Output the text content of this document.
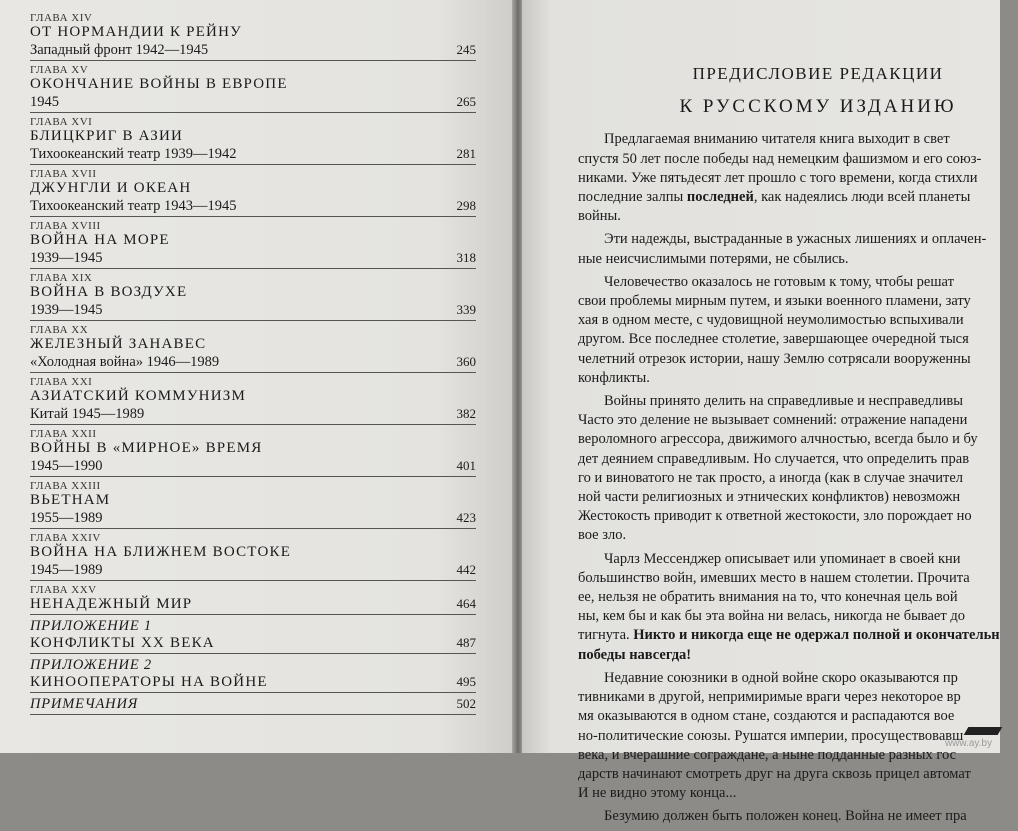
ГЛАВА XIV
ОТ НОРМАНДИИ К РЕЙНУ
Западный фронт 1942—1945	245
ГЛАВА XV
ОКОНЧАНИЕ ВОЙНЫ В ЕВРОПЕ
1945	265
ГЛАВА XVI
БЛИЦКРИГ В АЗИИ
Тихоокеанский театр 1939—1942	281
ГЛАВА XVII
ДЖУНГЛИ И ОКЕАН
Тихоокеанский театр 1943—1945	298
ГЛАВА XVIII
ВОЙНА НА МОРЕ
1939—1945	318
ГЛАВА XIX
ВОЙНА В ВОЗДУХЕ
1939—1945	339
ГЛАВА XX
ЖЕЛЕЗНЫЙ ЗАНАВЕС
«Холодная война» 1946—1989	360
ГЛАВА XXI
АЗИАТСКИЙ КОММУНИЗМ
Китай 1945—1989	382
ГЛАВА XXII
ВОЙНЫ В «МИРНОЕ» ВРЕМЯ
1945—1990	401
ГЛАВА XXIII
ВЬЕТНАМ
1955—1989	423
ГЛАВА XXIV
ВОЙНА НА БЛИЖНЕМ ВОСТОКЕ
1945—1989	442
ГЛАВА XXV
НЕНАДЕЖНЫЙ МИР	464
ПРИЛОЖЕНИЕ 1
КОНФЛИКТЫ XX ВЕКА	487
ПРИЛОЖЕНИЕ 2
КИНООПЕРАТОРЫ НА ВОЙНЕ	495
ПРИМЕЧАНИЯ	502
ПРЕДИСЛОВИЕ РЕДАКЦИИ
К РУССКОМУ ИЗДАНИЮ
Предлагаемая вниманию читателя книга выходит в свет
спустя 50 лет после победы над немецким фашизмом и его союз-
никами. Уже пятьдесят лет прошло с того времени, когда стихли
последние залпы последней, как надеялись люди всей планеты
войны.
Эти надежды, выстраданные в ужасных лишениях и оплачен-
ные неисчислимыми потерями, не сбылись.
Человечество оказалось не готовым к тому, чтобы решат
свои проблемы мирным путем, и языки военного пламени, зату
хая в одном месте, с чудовищной неумолимостью вспыхивали
другом. Все последнее столетие, завершающее очередной тыся
челетний отрезок истории, нашу Землю сотрясали вооруженны
конфликты.
Войны принято делить на справедливые и несправедливы
Часто это деление не вызывает сомнений: отражение нападени
вероломного агрессора, движимого алчностью, всегда было и бу
дет деянием справедливым. Но случается, что определить прав
го и виноватого не так просто, а иногда (как в случае значител
ной части религиозных и этнических конфликтов) невозможн
Жестокость приводит к ответной жестокости, зло порождает но
вое зло.
Чарлз Мессенджер описывает или упоминает в своей кни
большинство войн, имевших место в нашем столетии. Прочита
ее, нельзя не обратить внимания на то, что конечная цель вой
ны, кем бы и как бы эта война ни велась, никогда не бывает до
тигнута. Никто и никогда еще не одержал полной и окончательн
победы навсегда!
Недавние союзники в одной войне скоро оказываются пр
тивниками в другой, непримиримые враги через некоторое вр
мя оказываются в одном стане, создаются и распадаются вое
но-политические союзы. Рушатся империи, просуществовавш
века, и вчерашние сограждане, а ныне подданные разных гос
дарств начинают смотреть друг на друга сквозь прицел автомат
И не видно этому конца...
Безумию должен быть положен конец. Война не имеет пра
www.ay.by
